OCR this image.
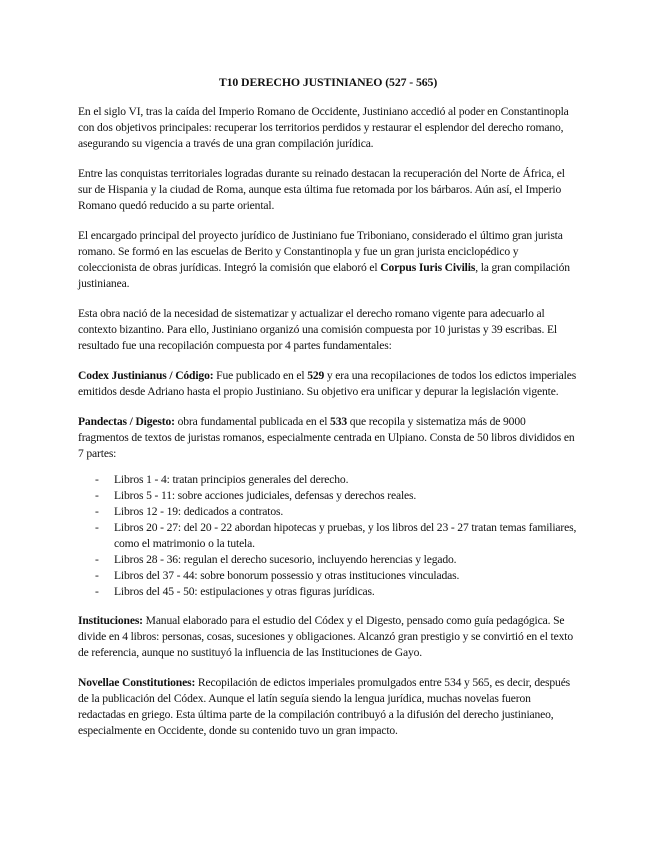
T10 DERECHO JUSTINIANEO (527 - 565)

En el siglo VI, tras la caída del Imperio Romano de Occidente, Justiniano accedió al poder en Constantinopla con dos objetivos principales: recuperar los territorios perdidos y restaurar el esplendor del derecho romano, asegurando su vigencia a través de una gran compilación jurídica.

Entre las conquistas territoriales logradas durante su reinado destacan la recuperación del Norte de África, el sur de Hispania y la ciudad de Roma, aunque esta última fue retomada por los bárbaros. Aún así, el Imperio Romano quedó reducido a su parte oriental.

El encargado principal del proyecto jurídico de Justiniano fue Triboniano, considerado el último gran jurista romano. Se formó en las escuelas de Berito y Constantinopla y fue un gran jurista enciclopédico y coleccionista de obras jurídicas. Integró la comisión que elaboró el Corpus Iuris Civilis, la gran compilación justinianea.

Esta obra nació de la necesidad de sistematizar y actualizar el derecho romano vigente para adecuarlo al contexto bizantino. Para ello, Justiniano organizó una comisión compuesta por 10 juristas y 39 escribas. El resultado fue una recopilación compuesta por 4 partes fundamentales:

Codex Justinianus / Código: Fue publicado en el 529 y era una recopilaciones de todos los edictos imperiales emitidos desde Adriano hasta el propio Justiniano. Su objetivo era unificar y depurar la legislación vigente.

Pandectas / Digesto: obra fundamental publicada en el 533 que recopila y sistematiza más de 9000 fragmentos de textos de juristas romanos, especialmente centrada en Ulpiano. Consta de 50 libros divididos en 7 partes:

- Libros 1 - 4: tratan principios generales del derecho.
- Libros 5 - 11: sobre acciones judiciales, defensas y derechos reales.
- Libros 12 - 19: dedicados a contratos.
- Libros 20 - 27: del 20 - 22 abordan hipotecas y pruebas, y los libros del 23 - 27 tratan temas familiares, como el matrimonio o la tutela.
- Libros 28 - 36: regulan el derecho sucesorio, incluyendo herencias y legado.
- Libros del 37 - 44: sobre bonorum possessio y otras instituciones vinculadas.
- Libros del 45 - 50: estipulaciones y otras figuras jurídicas.

Instituciones: Manual elaborado para el estudio del Códex y el Digesto, pensado como guía pedagógica. Se divide en 4 libros: personas, cosas, sucesiones y obligaciones. Alcanzó gran prestigio y se convirtió en el texto de referencia, aunque no sustituyó la influencia de las Instituciones de Gayo.

Novellae Constitutiones: Recopilación de edictos imperiales promulgados entre 534 y 565, es decir, después de la publicación del Códex. Aunque el latín seguía siendo la lengua jurídica, muchas novelas fueron redactadas en griego. Esta última parte de la compilación contribuyó a la difusión del derecho justinianeo, especialmente en Occidente, donde su contenido tuvo un gran impacto.
